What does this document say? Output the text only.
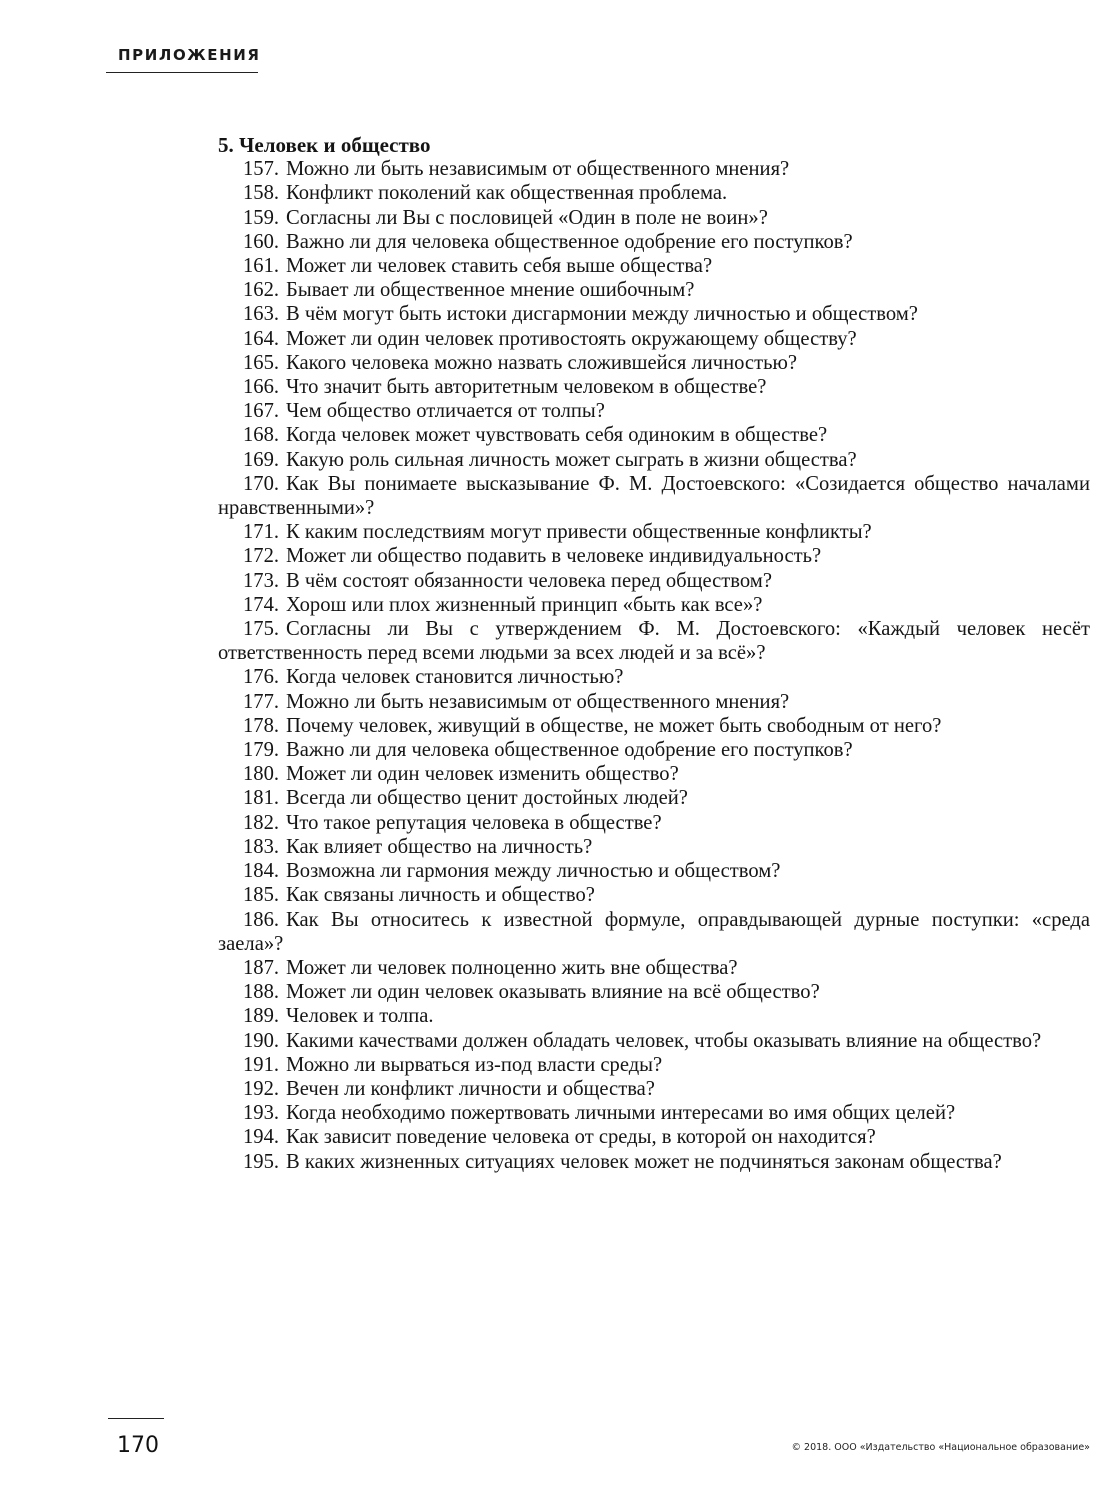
ПРИЛОЖЕНИЯ

5. Человек и общество

157. Можно ли быть независимым от общественного мнения?

158. Конфликт поколений как общественная проблема.

159. Согласны ли Вы с пословицей «Один в поле не воин»?

160. Важно ли для человека общественное одобрение его поступков?

161. Может ли человек ставить себя выше общества?

162. Бывает ли общественное мнение ошибочным?

163. В чём могут быть истоки дисгармонии между личностью и обществом?

164. Может ли один человек противостоять окружающему обществу?

165. Какого человека можно назвать сложившейся личностью?

166. Что значит быть авторитетным человеком в обществе?

167. Чем общество отличается от толпы?

168. Когда человек может чувствовать себя одиноким в обществе?

169. Какую роль сильная личность может сыграть в жизни общества?

170. Как Вы понимаете высказывание Ф. М. Достоевского: «Созидается общество началами нравственными»?

171. К каким последствиям могут привести общественные конфликты?

172. Может ли общество подавить в человеке индивидуальность?

173. В чём состоят обязанности человека перед обществом?

174. Хорош или плох жизненный принцип «быть как все»?

175. Согласны ли Вы с утверждением Ф. М. Достоевского: «Каждый человек несёт ответственность перед всеми людьми за всех людей и за всё»?

176. Когда человек становится личностью?

177. Можно ли быть независимым от общественного мнения?

178. Почему человек, живущий в обществе, не может быть свободным от него?

179. Важно ли для человека общественное одобрение его поступков?

180. Может ли один человек изменить общество?

181. Всегда ли общество ценит достойных людей?

182. Что такое репутация человека в обществе?

183. Как влияет общество на личность?

184. Возможна ли гармония между личностью и обществом?

185. Как связаны личность и общество?

186. Как Вы относитесь к известной формуле, оправдывающей дурные поступки: «среда заела»?

187. Может ли человек полноценно жить вне общества?

188. Может ли один человек оказывать влияние на всё общество?

189. Человек и толпа.

190. Какими качествами должен обладать человек, чтобы оказывать влияние на общество?

191. Можно ли вырваться из-под власти среды?

192. Вечен ли конфликт личности и общества?

193. Когда необходимо пожертвовать личными интересами во имя общих целей?

194. Как зависит поведение человека от среды, в которой он находится?

195. В каких жизненных ситуациях человек может не подчиняться законам общества?

170	© 2018. ООО «Издательство «Национальное образование»
